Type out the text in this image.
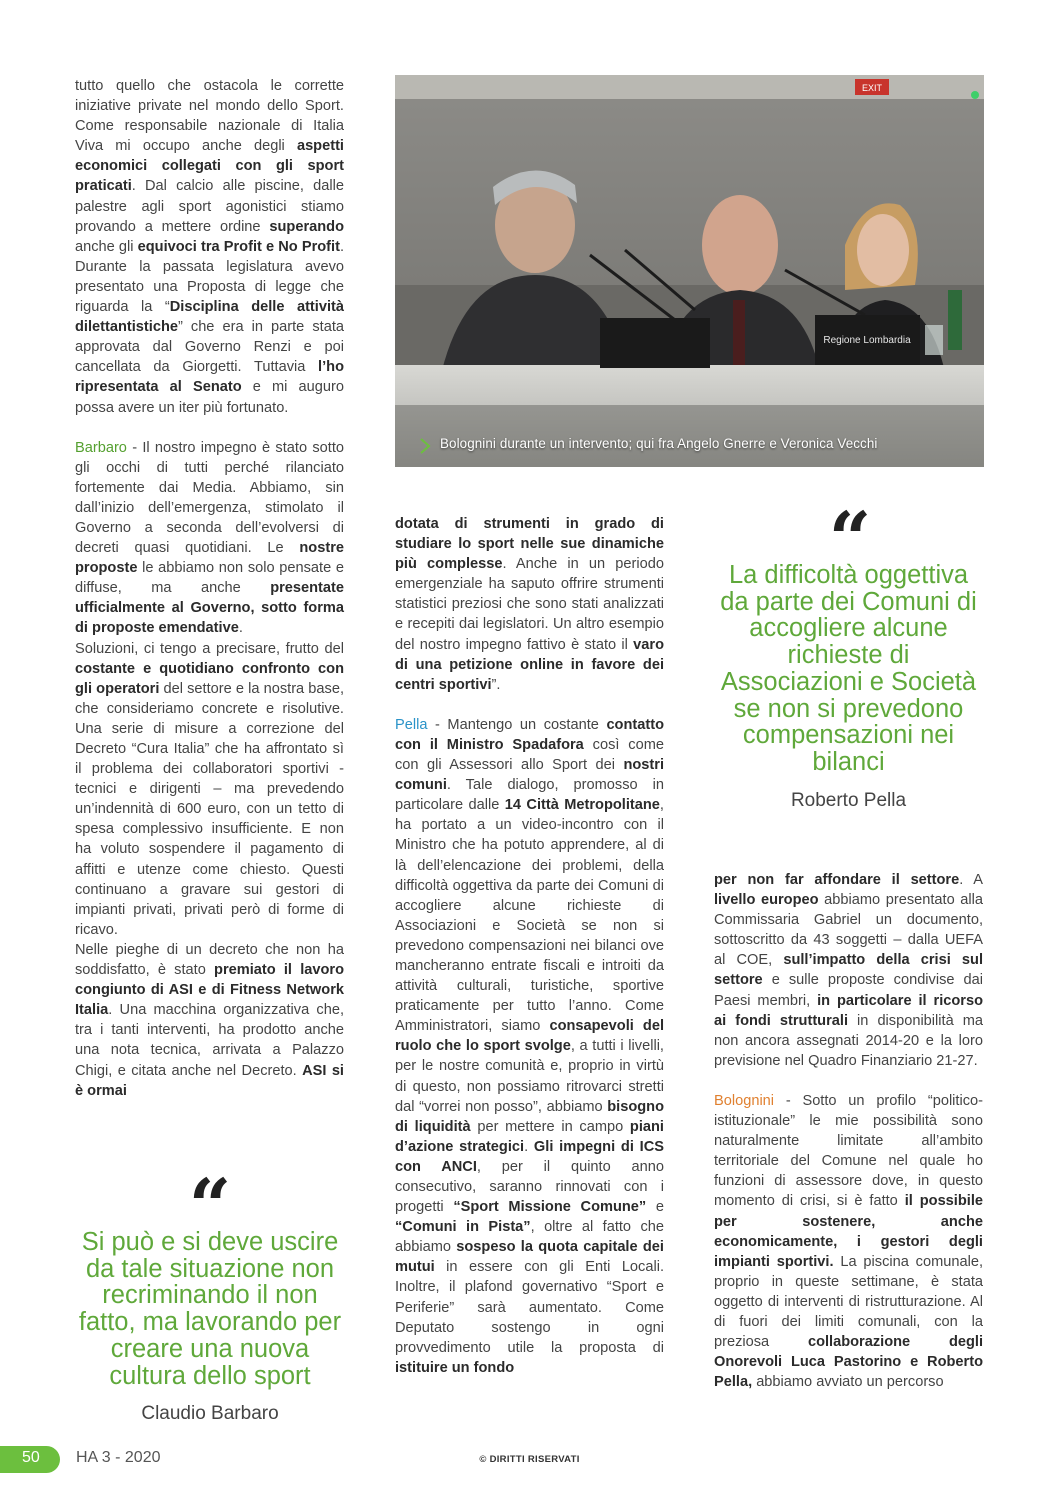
tutto quello che ostacola le corrette iniziative private nel mondo dello Sport. Come responsabile nazionale di Italia Viva mi occupo anche degli aspetti economici collegati con gli sport praticati. Dal calcio alle piscine, dalle palestre agli sport agonistici stiamo provando a mettere ordine superando anche gli equivoci tra Profit e No Profit. Durante la passata legislatura avevo presentato una Proposta di legge che riguarda la “Disciplina delle attività dilettantistiche” che era in parte stata approvata dal Governo Renzi e poi cancellata da Giorgetti. Tuttavia l’ho ripresentata al Senato e mi auguro possa avere un iter più fortunato.

Barbaro - Il nostro impegno è stato sotto gli occhi di tutti perché rilanciato fortemente dai Media. Abbiamo, sin dall’inizio dell’emergenza, stimolato il Governo a seconda dell’evolversi di decreti quasi quotidiani. Le nostre proposte le abbiamo non solo pensate e diffuse, ma anche presentate ufficialmente al Governo, sotto forma di proposte emendative.

Soluzioni, ci tengo a precisare, frutto del costante e quotidiano confronto con gli operatori del settore e la nostra base, che consideriamo concrete e risolutive. Una serie di misure a correzione del Decreto “Cura Italia” che ha affrontato sì il problema dei collaboratori sportivi - tecnici e dirigenti – ma prevedendo un’indennità di 600 euro, con un tetto di spesa complessivo insufficiente. E non ha voluto sospendere il pagamento di affitti e utenze come chiesto. Questi continuano a gravare sui gestori di impianti privati, privati però di forme di ricavo.

Nelle pieghe di un decreto che non ha soddisfatto, è stato premiato il lavoro congiunto di ASI e di Fitness Network Italia. Una macchina organizzativa che, tra i tanti interventi, ha prodotto anche una nota tecnica, arrivata a Palazzo Chigi, e citata anche nel Decreto. ASI si è ormai

EXIT
Regione Lombardia
Bolognini durante un intervento; qui fra Angelo Gnerre e Veronica Vecchi

dotata di strumenti in grado di studiare lo sport nelle sue dinamiche più complesse. Anche in un periodo emergenziale ha saputo offrire strumenti statistici preziosi che sono stati analizzati e recepiti dai legislatori. Un altro esempio del nostro impegno fattivo è stato il varo di una petizione online in favore dei centri sportivi”.

Pella - Mantengo un costante contatto con il Ministro Spadafora così come con gli Assessori allo Sport dei nostri comuni. Tale dialogo, promosso in particolare dalle 14 Città Metropolitane, ha portato a un video-incontro con il Ministro che ha potuto apprendere, al di là dell’elencazione dei problemi, della difficoltà oggettiva da parte dei Comuni di accogliere alcune richieste di Associazioni e Società se non si prevedono compensazioni nei bilanci ove mancheranno entrate fiscali e introiti da attività culturali, turistiche, sportive praticamente per tutto l’anno. Come Amministratori, siamo consapevoli del ruolo che lo sport svolge, a tutti i livelli, per le nostre comunità e, proprio in virtù di questo, non possiamo ritrovarci stretti dal “vorrei non posso”, abbiamo bisogno di liquidità per mettere in campo piani d’azione strategici. Gli impegni di ICS con ANCI, per il quinto anno consecutivo, saranno rinnovati con i progetti “Sport Missione Comune” e “Comuni in Pista”, oltre al fatto che abbiamo sospeso la quota capitale dei mutui in essere con gli Enti Locali. Inoltre, il plafond governativo “Sport e Periferie” sarà aumentato. Come Deputato sostengo in ogni provvedimento utile la proposta di istituire un fondo

“
La difficoltà oggettiva da parte dei Comuni di accogliere alcune richieste di Associazioni e Società se non si prevedono compensazioni nei bilanci
Roberto Pella

per non far affondare il settore. A livello europeo abbiamo presentato alla Commissaria Gabriel un documento, sottoscritto da 43 soggetti – dalla UEFA al COE, sull’impatto della crisi sul settore e sulle proposte condivise dai Paesi membri, in particolare il ricorso ai fondi strutturali in disponibilità ma non ancora assegnati 2014-20 e la loro previsione nel Quadro Finanziario 21-27.

Bolognini - Sotto un profilo “politico-istituzionale” le mie possibilità sono naturalmente limitate all’ambito territoriale del Comune nel quale ho funzioni di assessore dove, in questo momento di crisi, si è fatto il possibile per sostenere, anche economicamente, i gestori degli impianti sportivi. La piscina comunale, proprio in queste settimane, è stata oggetto di interventi di ristrutturazione. Al di fuori dei limiti comunali, con la preziosa collaborazione degli Onorevoli Luca Pastorino e Roberto Pella, abbiamo avviato un percorso

“
Si può e si deve uscire da tale situazione non recriminando il non fatto, ma lavorando per creare una nuova cultura dello sport
Claudio Barbaro
50 HA 3 - 2020	© DIRITTI RISERVATI
